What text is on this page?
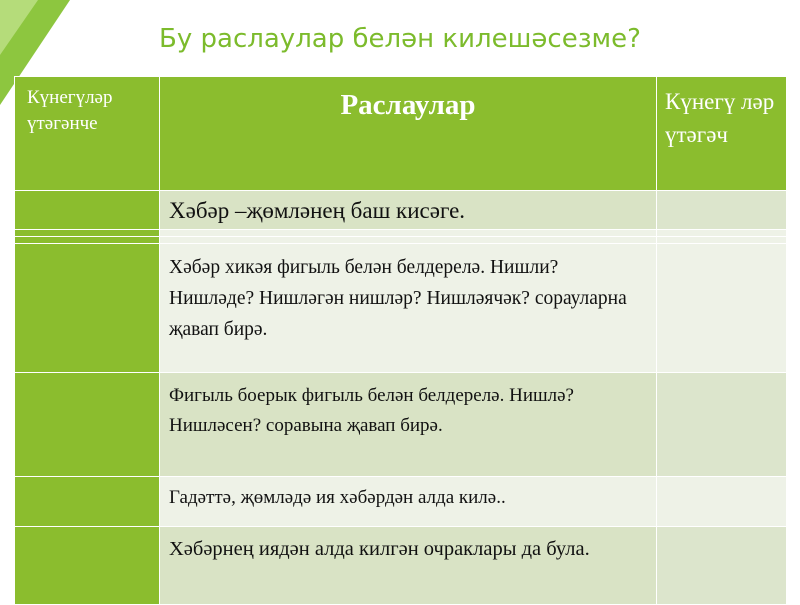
Бу раслаулар белән килешәсезме?
Күнегүләр үтәгәнче	Раслаулар	Күнегү ләр үтәгәч

	Хәбәр –җөмләнең баш кисәге.	

	Хәбәр хикәя фигыль белән белдерелә. Нишли? Нишләде? Нишләгән нишләр? Нишләячәк? сорауларна җавап бирә.	

	Фигыль боерык фигыль белән белдерелә. Нишлә? Нишләсен? соравына җавап бирә.	

	Гадәттә, җөмләдә ия хәбәрдән алда килә..	

	Хәбәрнең иядән алда килгән очраклары да була.	
